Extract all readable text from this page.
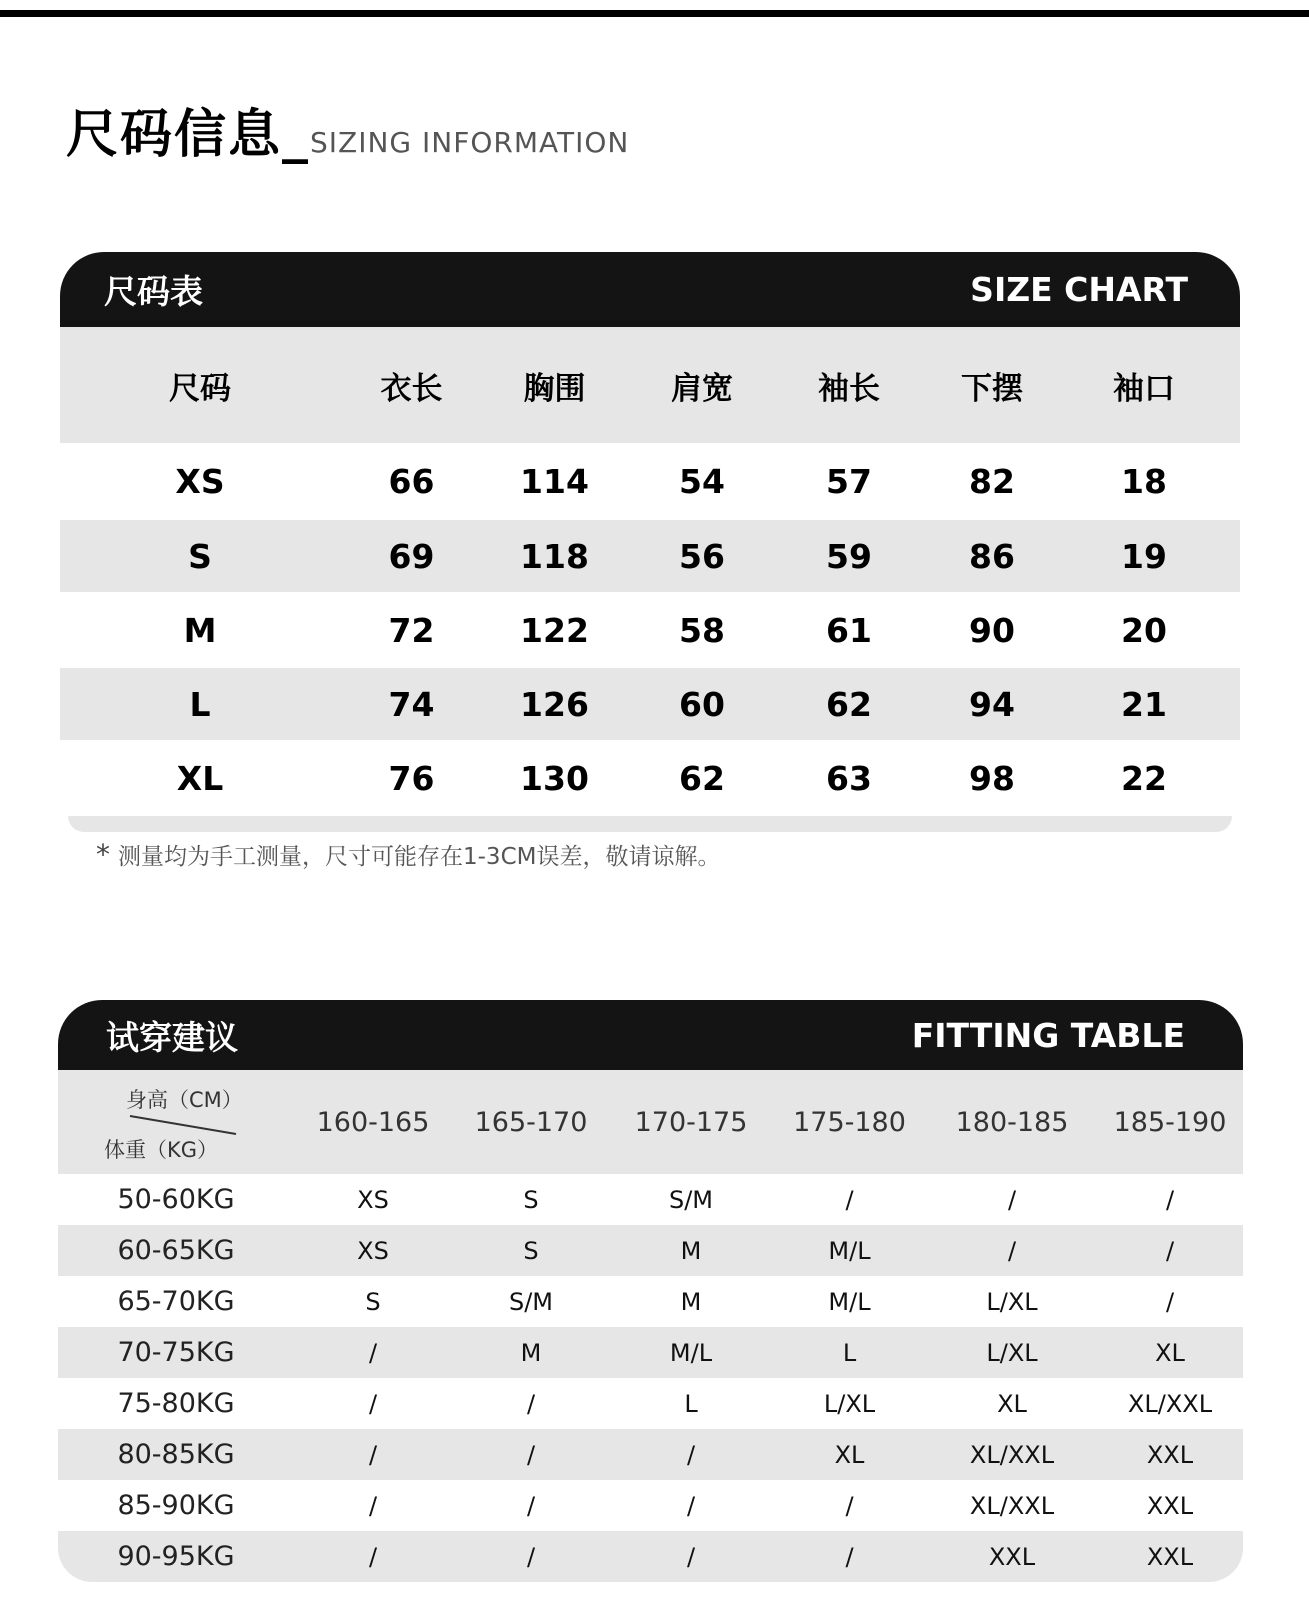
尺码信息 _ SIZING INFORMATION
尺码表	SIZE CHART
尺码	衣长	胸围	肩宽	袖长	下摆	袖口
XS	66	114	54	57	82	18
S	69	118	56	59	86	19
M	72	122	58	61	90	20
L	74	126	60	62	94	21
XL	76	130	62	63	98	22
* 测量均为手工测量，尺寸可能存在1-3CM误差，敬请谅解。
试穿建议	FITTING TABLE
身高（CM）
体重（KG）
160-165	165-170	170-175	175-180	180-185	185-190
50-60KG	XS	S	S/M	/	/	/
60-65KG	XS	S	M	M/L	/	/
65-70KG	S	S/M	M	M/L	L/XL	/
70-75KG	/	M	M/L	L	L/XL	XL
75-80KG	/	/	L	L/XL	XL	XL/XXL
80-85KG	/	/	/	XL	XL/XXL	XXL
85-90KG	/	/	/	/	XL/XXL	XXL
90-95KG	/	/	/	/	XXL	XXL
